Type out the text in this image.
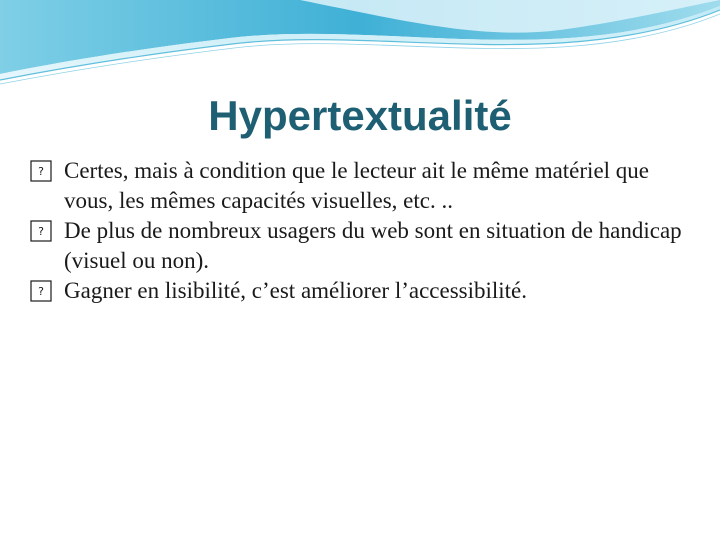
Hypertextualité

? Certes, mais à condition que le lecteur ait le même matériel que vous, les mêmes capacités visuelles, etc. ..

? De plus de nombreux usagers du web sont en situation de handicap (visuel ou non).

? Gagner en lisibilité, c’est améliorer l’accessibilité.
